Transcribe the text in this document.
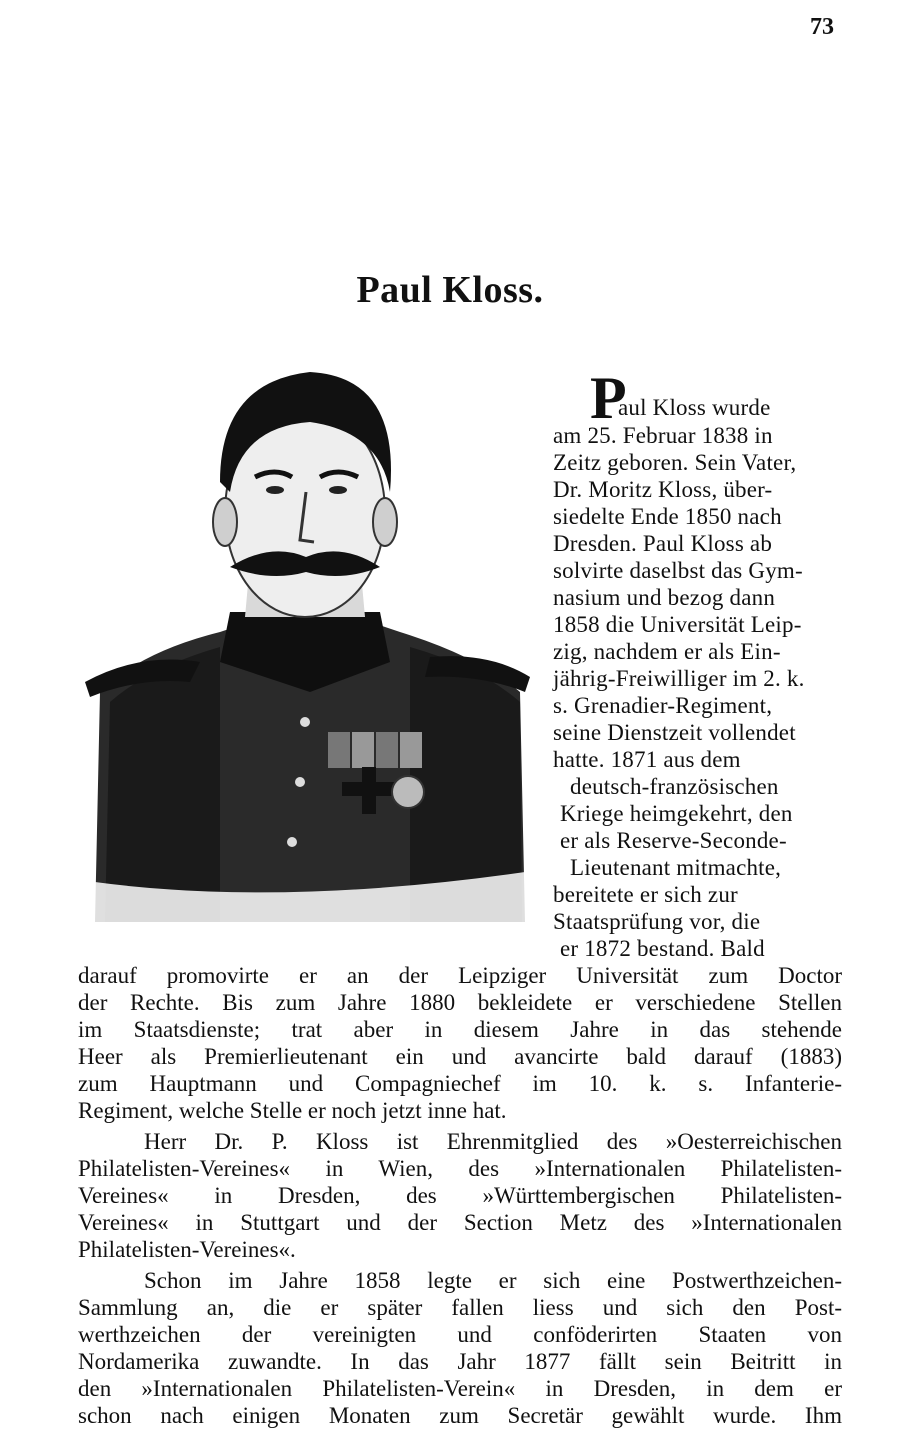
73
Paul Kloss.
P
aul Kloss wurde
am 25. Februar 1838 in
Zeitz geboren. Sein Vater,
Dr. Moritz Kloss, über-
siedelte Ende 1850 nach
Dresden. Paul Kloss ab
solvirte daselbst das Gym-
nasium und bezog dann
1858 die Universität Leip-
zig, nachdem er als Ein-
jährig-Freiwilliger im 2. k.
s. Grenadier-Regiment,
seine Dienstzeit vollendet
hatte. 1871 aus dem
deutsch-französischen
Kriege heimgekehrt, den
er als Reserve-Seconde-
Lieutenant mitmachte,
bereitete er sich zur
Staatsprüfung vor, die
er 1872 bestand. Bald
darauf promovirte er an der Leipziger Universität zum Doctor
der Rechte. Bis zum Jahre 1880 bekleidete er verschiedene Stellen
im Staatsdienste; trat aber in diesem Jahre in das stehende
Heer als Premierlieutenant ein und avancirte bald darauf (1883)
zum Hauptmann und Compagniechef im 10. k. s. Infanterie-
Regiment, welche Stelle er noch jetzt inne hat.
Herr Dr. P. Kloss ist Ehrenmitglied des »Oesterreichischen
Philatelisten-Vereines« in Wien, des »Internationalen Philatelisten-
Vereines« in Dresden, des »Württembergischen Philatelisten-
Vereines« in Stuttgart und der Section Metz des »Internationalen
Philatelisten-Vereines«.
Schon im Jahre 1858 legte er sich eine Postwerthzeichen-
Sammlung an, die er später fallen liess und sich den Post-
werthzeichen der vereinigten und conföderirten Staaten von
Nordamerika zuwandte. In das Jahr 1877 fällt sein Beitritt in
den »Internationalen Philatelisten-Verein« in Dresden, in dem er
schon nach einigen Monaten zum Secretär gewählt wurde. Ihm
